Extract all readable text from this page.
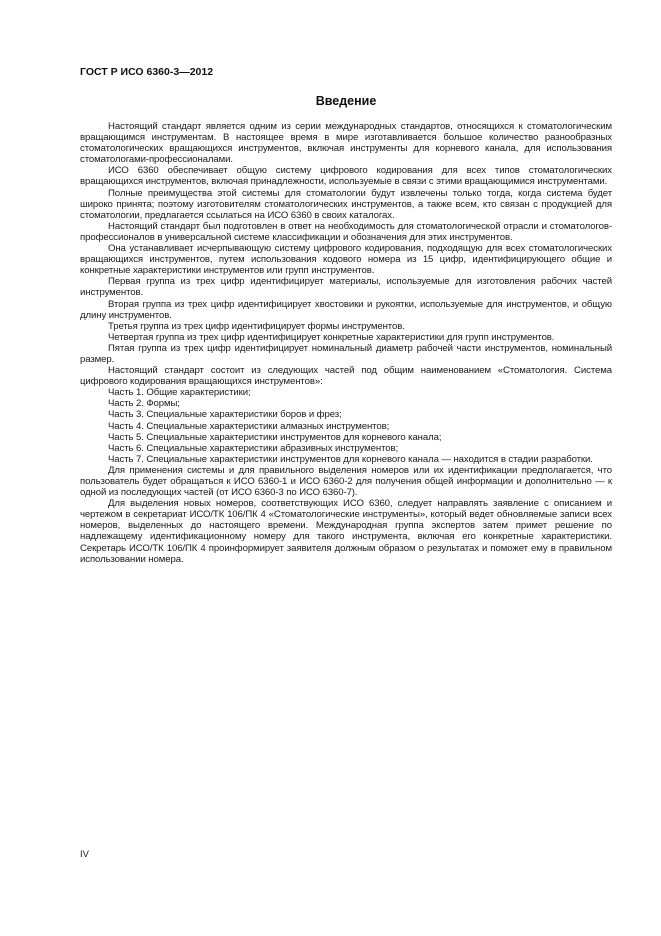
ГОСТ Р ИСО 6360-3—2012
Введение

Настоящий стандарт является одним из серии международных стандартов, относящихся к стоматологическим вращающимся инструментам. В настоящее время в мире изготавливается большое количество разнообразных стоматологических вращающихся инструментов, включая инструменты для корневого канала, для использования стоматологами-профессионалами.

ИСО 6360 обеспечивает общую систему цифрового кодирования для всех типов стоматологических вращающихся инструментов, включая принадлежности, используемые в связи с этими вращающимися инструментами.

Полные преимущества этой системы для стоматологии будут извлечены только тогда, когда система будет широко принята; поэтому изготовителям стоматологических инструментов, а также всем, кто связан с продукцией для стоматологии, предлагается ссылаться на ИСО 6360 в своих каталогах.

Настоящий стандарт был подготовлен в ответ на необходимость для стоматологической отрасли и стоматологов-профессионалов в универсальной системе классификации и обозначения для этих инструментов.

Она устанавливает исчерпывающую систему цифрового кодирования, подходящую для всех стоматологических вращающихся инструментов, путем использования кодового номера из 15 цифр, идентифицирующего общие и конкретные характеристики инструментов или групп инструментов.

Первая группа из трех цифр идентифицирует материалы, используемые для изготовления рабочих частей инструментов.

Вторая группа из трех цифр идентифицирует хвостовики и рукоятки, используемые для инструментов, и общую длину инструментов.

Третья группа из трех цифр идентифицирует формы инструментов.

Четвертая группа из трех цифр идентифицирует конкретные характеристики для групп инструментов.

Пятая группа из трех цифр идентифицирует номинальный диаметр рабочей части инструментов, номинальный размер.

Настоящий стандарт состоит из следующих частей под общим наименованием «Стоматология. Система цифрового кодирования вращающихся инструментов»:

Часть 1. Общие характеристики;

Часть 2. Формы;

Часть 3. Специальные характеристики боров и фрез;

Часть 4. Специальные характеристики алмазных инструментов;

Часть 5. Специальные характеристики инструментов для корневого канала;

Часть 6. Специальные характеристики абразивных инструментов;

Часть 7. Специальные характеристики инструментов для корневого канала — находится в стадии разработки.

Для применения системы и для правильного выделения номеров или их идентификации предполагается, что пользователь будет обращаться к ИСО 6360-1 и ИСО 6360-2 для получения общей информации и дополнительно — к одной из последующих частей (от ИСО 6360-3 по ИСО 6360-7).

Для выделения новых номеров, соответствующих ИСО 6360, следует направлять заявление с описанием и чертежом в секретариат ИСО/ТК 106/ПК 4 «Стоматологические инструменты», который ведет обновляемые записи всех номеров, выделенных до настоящего времени. Международная группа экспертов затем примет решение по надлежащему идентификационному номеру для такого инструмента, включая его конкретные характеристики. Секретарь ИСО/ТК 106/ПК 4 проинформирует заявителя должным образом о результатах и поможет ему в правильном использовании номера.

IV
